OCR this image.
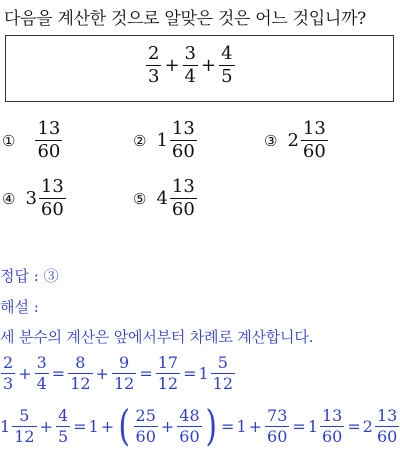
다음을 계산한 것으로 알맞은 것은 어느 것입니까?
$\frac{2}{3} + \frac{3}{4} + \frac{4}{5}$
① $\frac{13}{60}$	② $1 \frac{13}{60}$	③ $2 \frac{13}{60}$
④ $3 \frac{13}{60}$	⑤ $4 \frac{13}{60}$
정답 : ③
해설 :
세 분수의 계산은 앞에서부터 차례로 계산합니다.
$\frac{2}{3} + \frac{3}{4} = \frac{8}{12} + \frac{9}{12} = \frac{17}{12} = 1 \frac{5}{12}$
$1 \frac{5}{12} + \frac{4}{5} = 1$ + ( $\frac{25}{60} + \frac{48}{60}$ ) = $1 + \frac{73}{60} = 1 \frac{13}{60} = 2 \frac{13}{60}$
